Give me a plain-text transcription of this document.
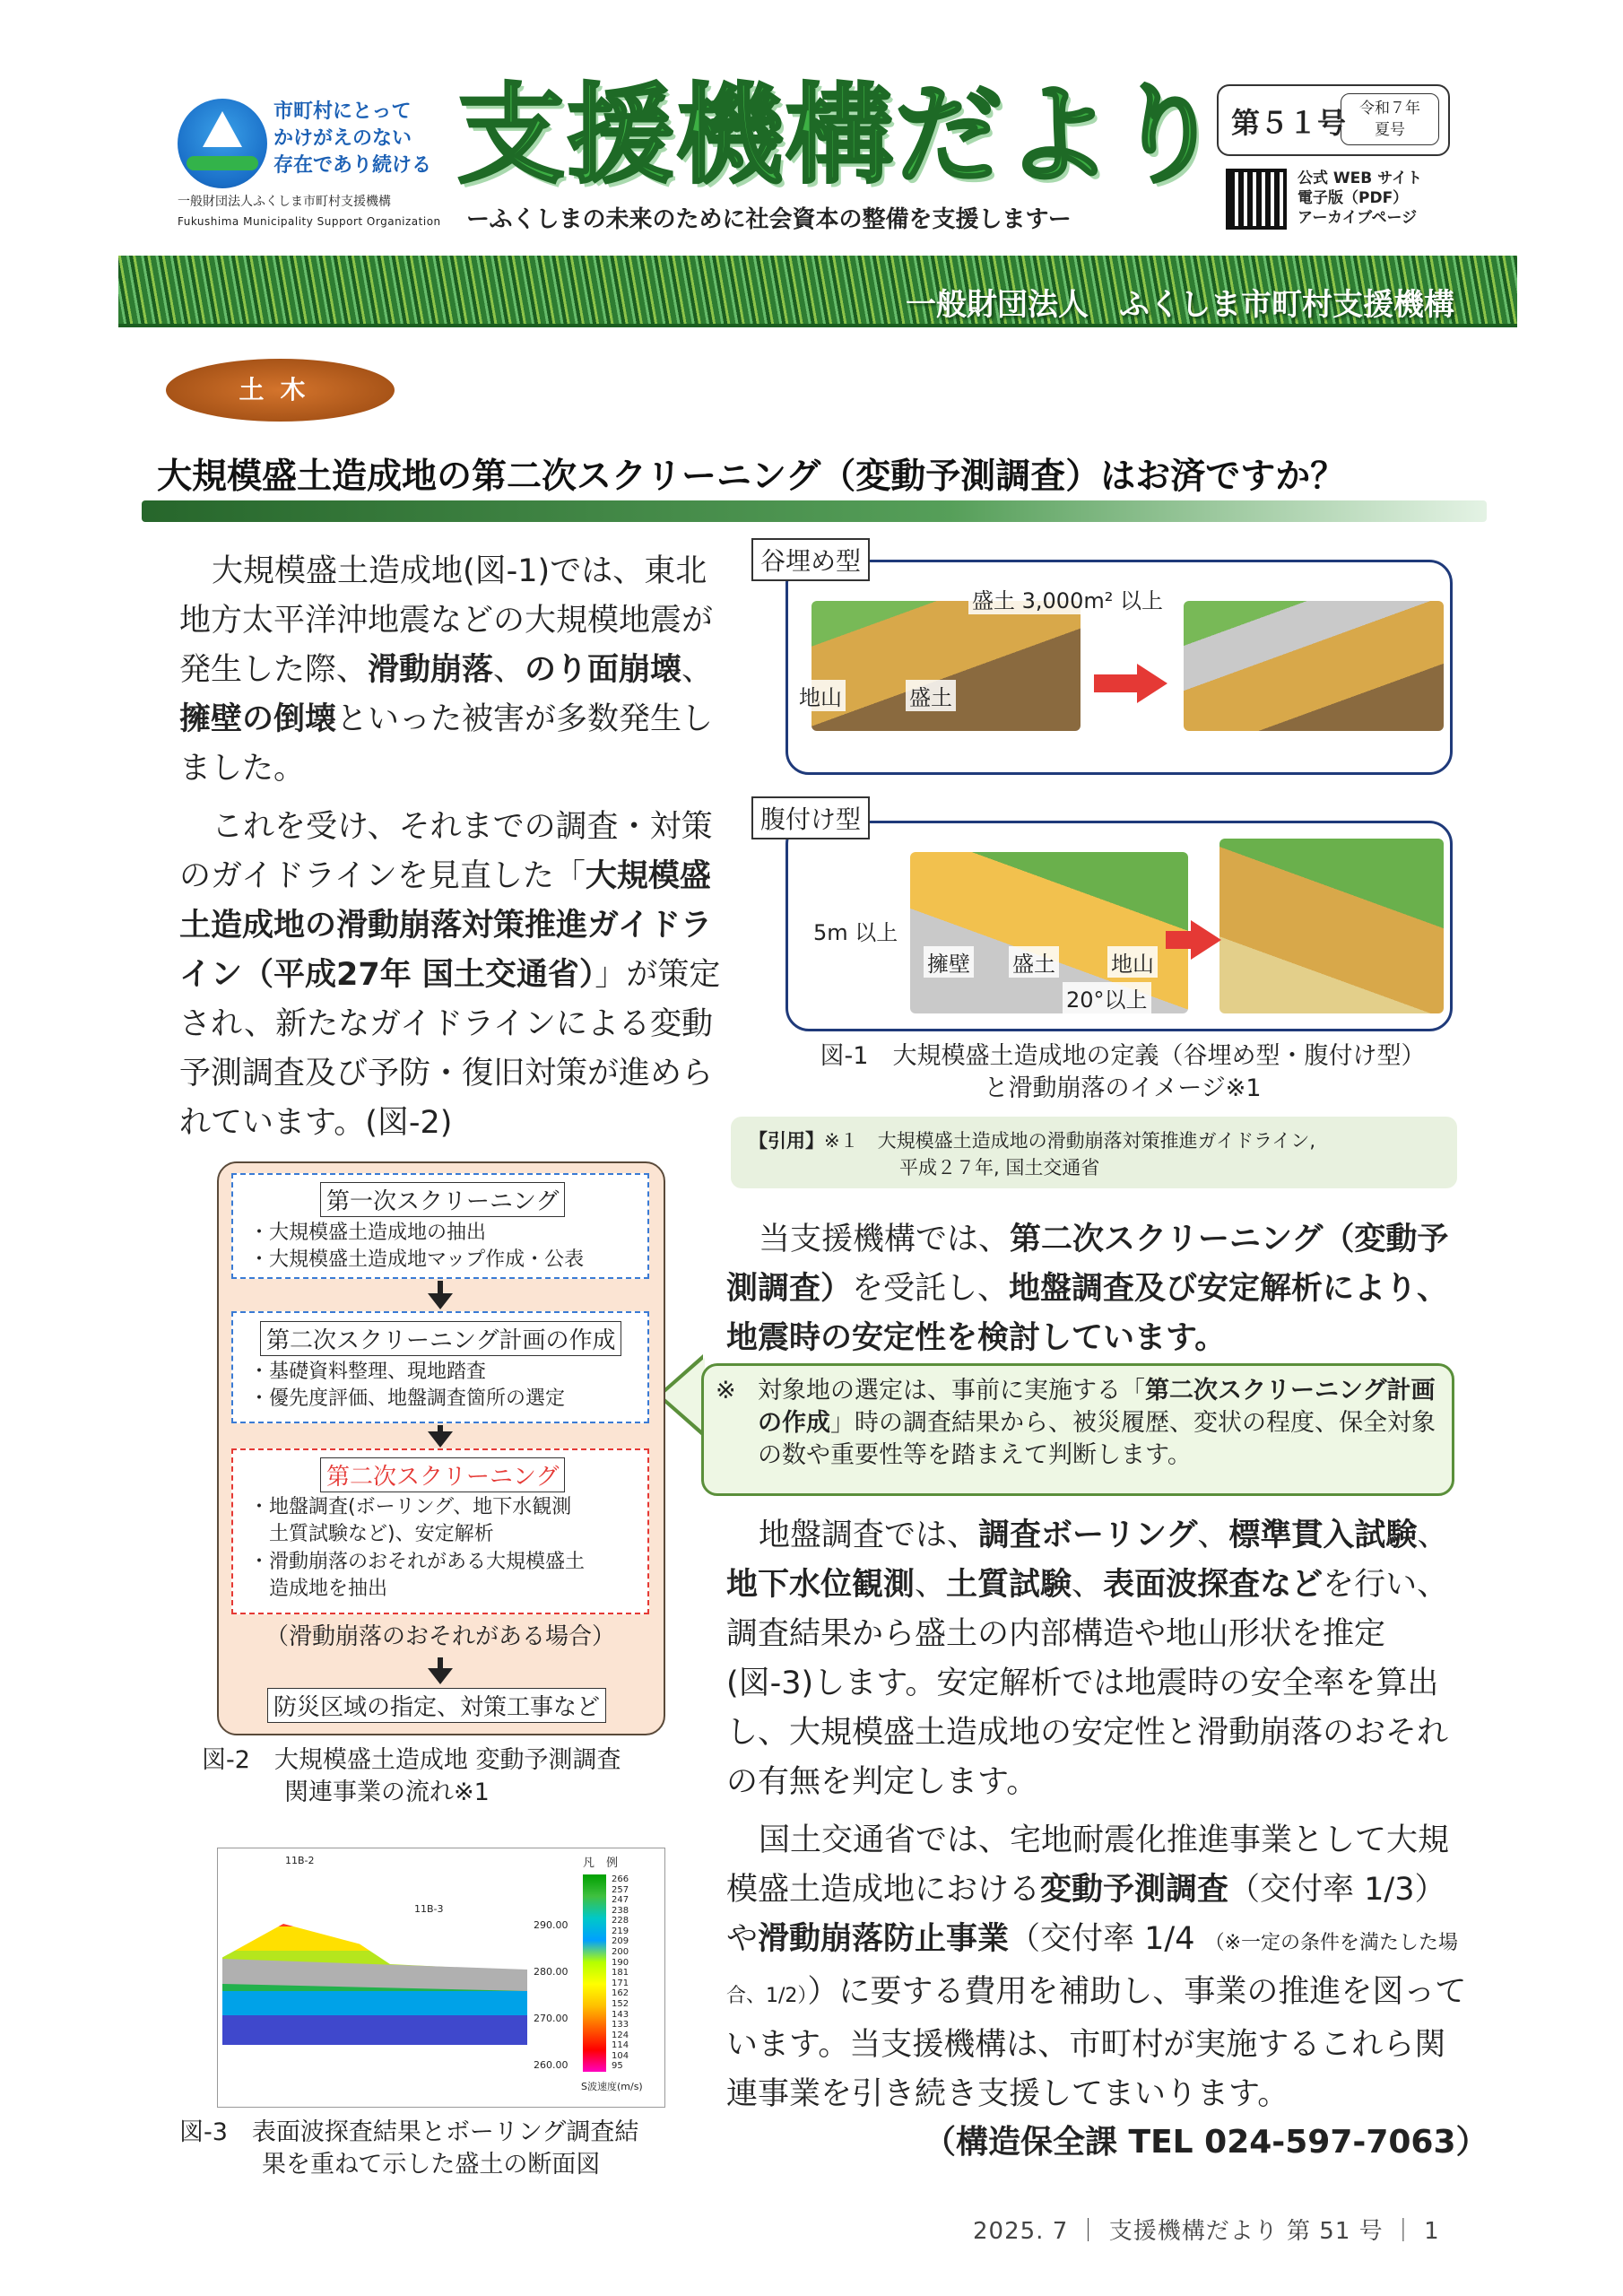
市町村にとって
かけがえのない
存在であり続ける
一般財団法人ふくしま市町村支援機構
Fukushima Municipality Support Organization
支援機構だより
ーふくしまの未来のために社会資本の整備を支援しますー
第５１号 令和７年
夏号
公式 WEB サイト
電子版（PDF）
アーカイブページ
一般財団法人　ふくしま市町村支援機構
土木
大規模盛土造成地の第二次スクリーニング（変動予測調査）はお済ですか？
大規模盛土造成地(図-1)では、東北地方太平洋沖地震などの大規模地震が発生した際、滑動崩落、のり面崩壊、擁壁の倒壊といった被害が多数発生しました。
これを受け、それまでの調査・対策のガイドラインを見直した「大規模盛土造成地の滑動崩落対策推進ガイドライン（平成27年 国土交通省）」が策定され、新たなガイドラインによる変動予測調査及び予防・復旧対策が進められています。(図-2)
谷埋め型
盛土 3,000m² 以上
地山	盛土
腹付け型
5m 以上
擁壁 盛土	地山
20°以上
図-1　大規模盛土造成地の定義（谷埋め型・腹付け型）
と滑動崩落のイメージ※1
【引用】※１　大規模盛土造成地の滑動崩落対策推進ガイドライン,
平成２７年, 国土交通省
当支援機構では、第二次スクリーニング（変動予測調査）を受託し、地盤調査及び安定解析により、地震時の安定性を検討しています。
対象地の選定は、事前に実施する「第二次スクリーニング計画の作成」時の調査結果から、被災履歴、変状の程度、保全対象の数や重要性等を踏まえて判断します。
※
地盤調査では、調査ボーリング、標準貫入試験、地下水位観測、土質試験、表面波探査などを行い、調査結果から盛土の内部構造や地山形状を推定(図-3)します。安定解析では地震時の安全率を算出し、大規模盛土造成地の安定性と滑動崩落のおそれの有無を判定します。
国土交通省では、宅地耐震化推進事業として大規模盛土造成地における変動予測調査（交付率 1/3）や滑動崩落防止事業（交付率 1/4 （※一定の条件を満たした場合、1/2））に要する費用を補助し、事業の推進を図っています。当支援機構は、市町村が実施するこれら関連事業を引き続き支援してまいります。
（構造保全課 TEL 024-597-7063）
第一次スクリーニング
・大規模盛土造成地の抽出
・大規模盛土造成地マップ作成・公表
第二次スクリーニング計画の作成
・基礎資料整理、現地踏査
・優先度評価、地盤調査箇所の選定
第二次スクリーニング
・地盤調査(ボーリング、地下水観測
　土質試験など)、安定解析
・滑動崩落のおそれがある大規模盛土
　造成地を抽出
（滑動崩落のおそれがある場合）
防災区域の指定、対策工事など
図-2　大規模盛土造成地 変動予測調査
関連事業の流れ※1
11B-2
11B-3
290.00
280.00
270.00
260.00
凡　例
266
257
247
238
228
219
209
200
190
181
171
162
152
143
133
124
114
104
95
S波速度(m/s)
図-3　表面波探査結果とボーリング調査結
果を重ねて示した盛土の断面図
2025. 7 ｜ 支援機構だより 第 51 号 ｜ 1
